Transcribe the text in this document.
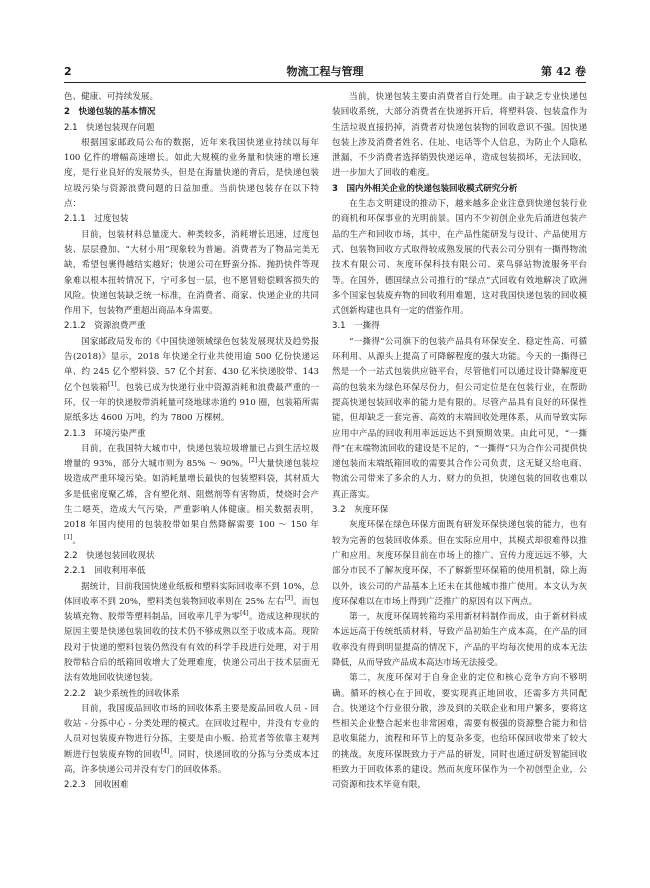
2	物流工程与管理	第 42 卷

色、健康、可持续发展。

2　快递包装的基本情况
2.1　快递包装现存问题

根据国家邮政局公布的数据，近年来我国快递业持续以每年 100 亿件的增幅高速增长。如此大规模的业务量和快速的增长速度，是行业良好的发展势头，但是在海量快递的背后，是快递包装垃圾污染与资源浪费问题的日益加重。当前快递包装存在以下特点：

2.1.1　过度包装

目前，包装材料总量庞大、种类较多，消耗增长迅速，过度包装、层层叠加、“大材小用”现象较为普遍。消费者为了物品完美无缺，希望包裹得越结实越好；快递公司在野蛮分拣、抛扔快件等现象难以根本扭转情况下，宁可多包一层，也不愿冒赔偿顾客损失的风险。快递包装缺乏统一标准，在消费者、商家、快递企业的共同作用下，包装物严重超出商品本身需要。

2.1.2　资源浪费严重

国家邮政局发布的《中国快递领域绿色包装发展现状及趋势报告(2018)》显示，2018 年快递全行业共使用逾 500 亿份快递运单、约 245 亿个塑料袋、57 亿个封套、430 亿米快递胶带、143 亿个包装箱[1]。包装已成为快递行业中资源消耗和浪费最严重的一环，仅一年的快递胶带消耗量可绕地球赤道约 910 圈，包装箱所需原纸多达 4600 万吨，约为 7800 万棵树。

2.1.3　环境污染严重

目前，在我国特大城市中，快递包装垃圾增量已占到生活垃圾增量的 93%，部分大城市则为 85% ～ 90%。[2]大量快递包装垃圾造成严重环境污染。如消耗量增长最快的包装塑料袋，其材质大多是低密度聚乙烯，含有塑化剂、阻燃剂等有害物质，焚烧时会产生二噁英，造成大气污染，严重影响人体健康。相关数据表明，2018 年国内使用的包装胶带如果自然降解需要 100 ～ 150 年[1]。

2.2　快递包装回收现状
2.2.1　回收利用率低

据统计，目前我国快递业纸板和塑料实际回收率不到 10%，总体回收率不到 20%，塑料类包装物回收率则在 25% 左右[3]。而包装填充物、胶带等塑料制品，回收率几乎为零[4]。造成这种现状的原因主要是快递包装回收的技术仍不够成熟以至于收成本高。现阶段对于快递的塑料包装仍然没有有效的科学手段进行处理，对于用胶带粘合后的纸箱回收增大了处理难度，快递公司出于技术层面无法有效地回收快递包装。

2.2.2　缺少系统性的回收体系

目前，我国废品回收市场的回收体系主要是废品回收人员 - 回收站 - 分拣中心 - 分类处理的模式。在回收过程中，并没有专业的人员对包装废弃物进行分拣，主要是由小贩、拾荒者等依靠主观判断进行包装废弃物的回收[4]。同时，快递回收的分拣与分类成本过高，许多快递公司并没有专门的回收体系。

2.2.3　回收困难

当前，快递包装主要由消费者自行处理。由于缺乏专业快递包装回收系统，大部分消费者在快递拆开后，将塑料袋、包装盒作为生活垃圾直接扔掉，消费者对快递包装物的回收意识不强。因快递包装上涉及消费者姓名、住址、电话等个人信息，为防止个人隐私泄漏，不少消费者选择销毁快递运单，造成包装损坏，无法回收，进一步加大了回收的难度。

3　国内外相关企业的快递包装回收模式研究分析

在生态文明建设的推动下，越来越多企业注意到快递包装行业的商机和环保事业的光明前景。国内不少初创企业先后涌进包装产品的生产和回收市场，其中，在产品性能研发与设计、产品使用方式、包装物回收方式取得较成熟发展的代表公司分别有一撕得物流技术有限公司、灰度环保科技有限公司、菜鸟驿站物流服务平台等。在国外，德国绿点公司推行的“绿点”式回收有效地解决了欧洲多个国家包装废弃物的回收利用难题，这对我国快递包装的回收模式创新构建也具有一定的借鉴作用。

3.1　一撕得

“一撕得”公司旗下的包装产品具有环保安全、稳定性高、可循环利用、从源头上提高了可降解程度的强大功能。今天的一撕得已然是一个一站式包装供应链平台，尽管他们可以通过设计降解度更高的包装来为绿色环保尽份力，但公司定位是在包装行业，在帮助提高快递包装回收率的能力是有限的。尽管产品具有良好的环保性能，但却缺乏一套完善、高效的末端回收处理体系，从而导致实际应用中产品的回收利用率远远达不到预期效果。由此可见，“一撕得”在末端物流回收的建设是不足的，“一撕得”只为合作公司提供快递包装而末端纸箱回收的需要其合作公司负责，这无疑又给电商、物流公司带来了多余的人力、财力的负担，快递包装的回收也难以真正落实。

3.2　灰度环保

灰度环保在绿色环保方面既有研发环保快递包装的能力，也有较为完善的包装回收体系。但在实际应用中，其模式却很难得以推广和应用。灰度环保目前在市场上的推广、宣传力度远远不够，大部分市民不了解灰度环保，不了解新型环保箱的使用机制，除上海以外，该公司的产品基本上还未在其他城市推广使用。本文认为灰度环保难以在市场上得到广泛推广的原因有以下两点。

第一，灰度环保周转箱均采用新材料制作而成，由于新材料成本远远高于传统纸质材料，导致产品初始生产成本高，在产品的回收率没有得到明显提高的情况下，产品的平均每次使用的成本无法降低，从而导致产品成本高达市场无法接受。

第二，灰度环保对于自身企业的定位和核心竞争方向不够明确。循环的核心在于回收，要实现真正地回收，还需多方共同配合。快递这个行业很分散，涉及到的关联企业和用户繁多，要将这些相关企业整合起来也非常困难，需要有极强的资源整合能力和信息收集能力，流程和环节上的复杂多变，也给环保回收带来了较大的挑战。灰度环保既致力于产品的研发，同时也通过研发智能回收柜致力于回收体系的建设。然而灰度环保作为一个初创型企业，公司资源和技术毕竟有限，
